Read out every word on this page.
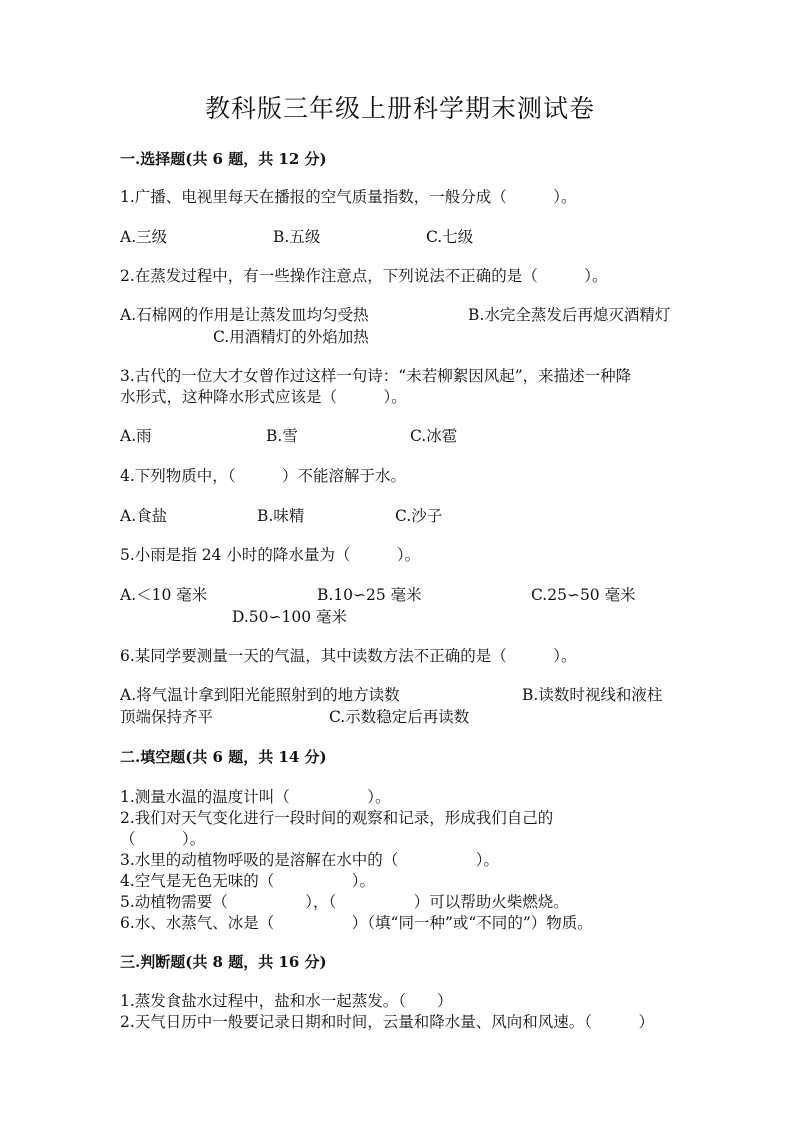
教科版三年级上册科学期末测试卷
一.选择题(共 6 题，共 12 分)
1.广播、电视里每天在播报的空气质量指数，一般分成（　　　）。
A.三级	B.五级	C.七级
2.在蒸发过程中，有一些操作注意点，下列说法不正确的是（　　　）。
A.石棉网的作用是让蒸发皿均匀受热	B.水完全蒸发后再熄灭酒精灯
C.用酒精灯的外焰加热
3.古代的一位大才女曾作过这样一句诗：“未若柳絮因风起”，来描述一种降
水形式，这种降水形式应该是（　　　）。
A.雨	B.雪	C.冰雹
4.下列物质中，（　　　）不能溶解于水。
A.食盐	B.味精	C.沙子
5.小雨是指 24 小时的降水量为（　　　）。
A.＜10 毫米	B.10∽25 毫米	C.25∽50 毫米
D.50∽100 毫米
6.某同学要测量一天的气温，其中读数方法不正确的是（　　　）。
A.将气温计拿到阳光能照射到的地方读数	B.读数时视线和液柱
顶端保持齐平	C.示数稳定后再读数
二.填空题(共 6 题，共 14 分)
1.测量水温的温度计叫（　　　　　）。
2.我们对天气变化进行一段时间的观察和记录，形成我们自己的
（　　　）。
3.水里的动植物呼吸的是溶解在水中的（　　　　　）。
4.空气是无色无味的（　　　　　）。
5.动植物需要（　　　　　），（　　　　　）可以帮助火柴燃烧。
6.水、水蒸气、冰是（　　　　　）（填“同一种”或“不同的”）物质。
三.判断题(共 8 题，共 16 分)
1.蒸发食盐水过程中，盐和水一起蒸发。（　　）
2.天气日历中一般要记录日期和时间，云量和降水量、风向和风速。（　　　）
